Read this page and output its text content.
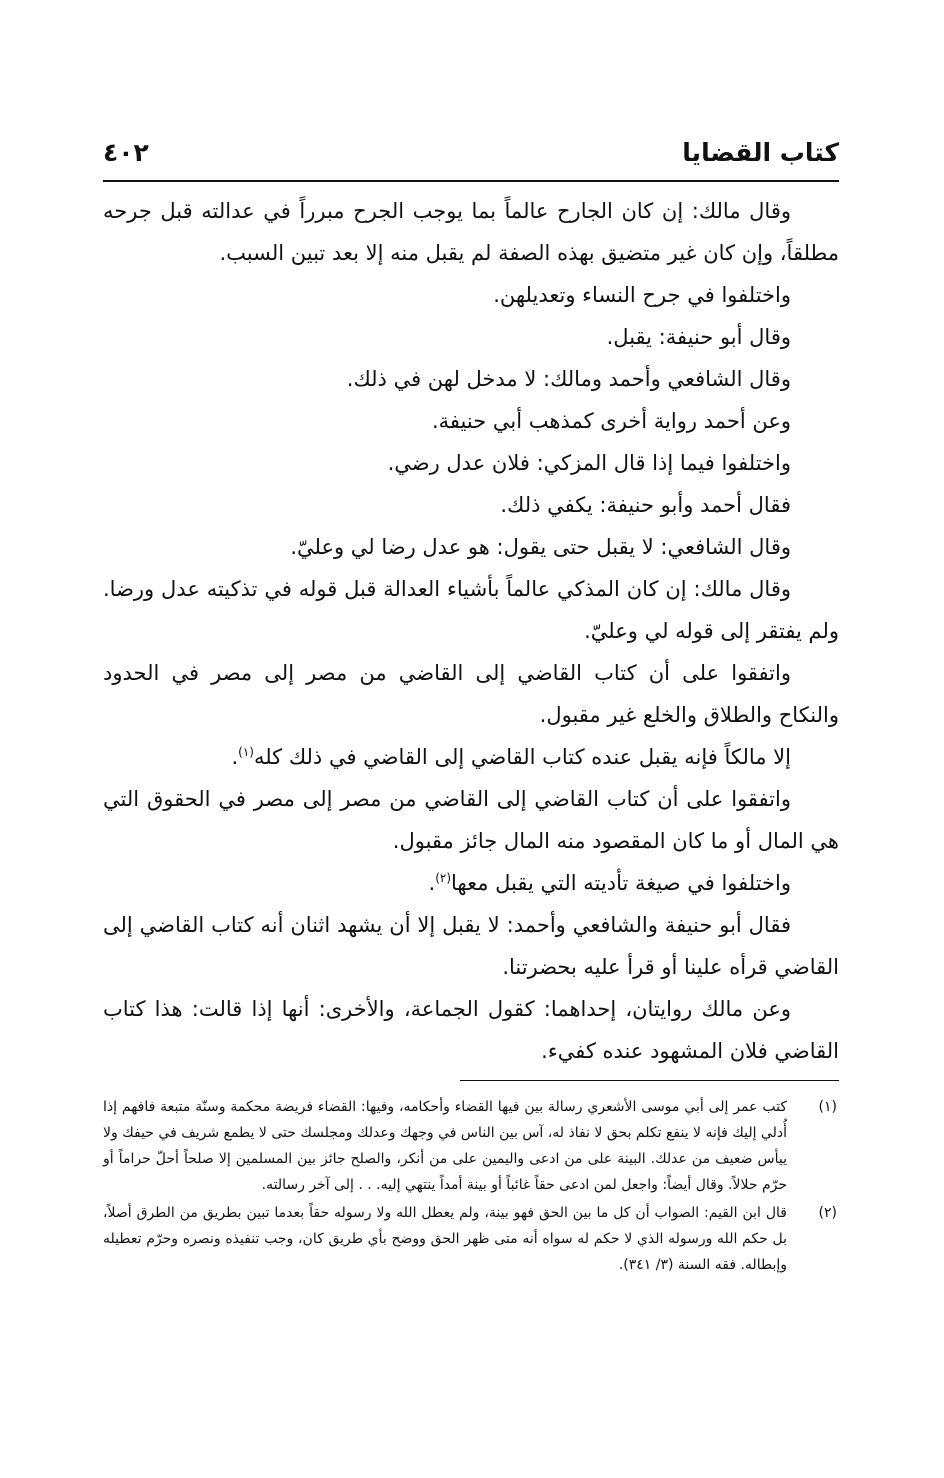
كتاب القضايا
٤٠٢

وقال مالك: إن كان الجارح عالماً بما يوجب الجرح مبرراً في عدالته قبل جرحه مطلقاً، وإن كان غير متضيق بهذه الصفة لم يقبل منه إلا بعد تبين السبب.

واختلفوا في جرح النساء وتعديلهن.

وقال أبو حنيفة: يقبل.

وقال الشافعي وأحمد ومالك: لا مدخل لهن في ذلك.

وعن أحمد رواية أخرى كمذهب أبي حنيفة.

واختلفوا فيما إذا قال المزكي: فلان عدل رضي.

فقال أحمد وأبو حنيفة: يكفي ذلك.

وقال الشافعي: لا يقبل حتى يقول: هو عدل رضا لي وعليّ.

وقال مالك: إن كان المذكي عالماً بأشياء العدالة قبل قوله في تذكيته عدل ورضا. ولم يفتقر إلى قوله لي وعليّ.

واتفقوا على أن كتاب القاضي إلى القاضي من مصر إلى مصر في الحدود والنكاح والطلاق والخلع غير مقبول.

إلا مالكاً فإنه يقبل عنده كتاب القاضي إلى القاضي في ذلك كله$^{(١)}$.

واتفقوا على أن كتاب القاضي إلى القاضي من مصر إلى مصر في الحقوق التي هي المال أو ما كان المقصود منه المال جائز مقبول.

واختلفوا في صيغة تأديته التي يقبل معها$^{(٢)}$.

فقال أبو حنيفة والشافعي وأحمد: لا يقبل إلا أن يشهد اثنان أنه كتاب القاضي إلى القاضي قرأه علينا أو قرأ عليه بحضرتنا.

وعن مالك روايتان، إحداهما: كقول الجماعة، والأخرى: أنها إذا قالت: هذا كتاب القاضي فلان المشهود عنده كفيء.

(١)
كتب عمر إلى أبي موسى الأشعري رسالة بين فيها القضاء وأحكامه، وفيها: القضاء فريضة محكمة وسنّة متبعة فافهم إذا أُدلي إليك فإنه لا ينفع تكلم بحق لا نفاذ له، آس بين الناس في وجهك وعدلك ومجلسك حتى لا يطمع شريف في حيفك ولا ييأس ضعيف من عدلك. البينة على من ادعى واليمين على من أنكر، والصلح جائز بين المسلمين إلا صلحاً أحلّ حراماً أو حرّم حلالاً. وقال أيضاً: واجعل لمن ادعى حقاً غائباً أو بينة أمداً ينتهي إليه. . . إلى آخر رسالته.
(٢)
قال ابن القيم: الصواب أن كل ما بين الحق فهو بينة، ولم يعطل الله ولا رسوله حقاً بعدما تبين بطريق من الطرق أصلاً، بل حكم الله ورسوله الذي لا حكم له سواه أنه متى ظهر الحق ووضح بأي طريق كان، وجب تنفيذه ونصره وحرّم تعطيله وإبطاله. فقه السنة (٣/ ٣٤١).
